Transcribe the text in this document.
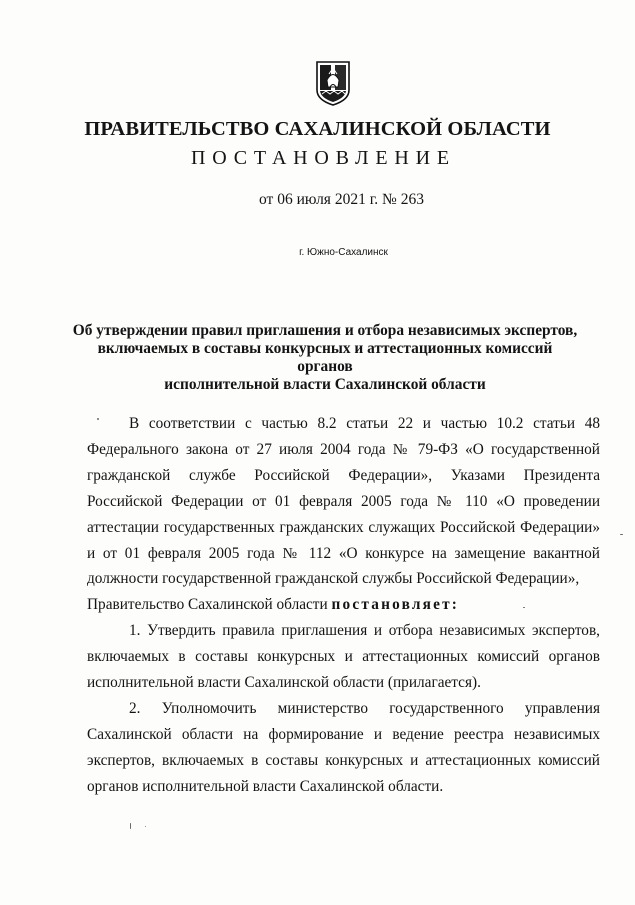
ПРАВИТЕЛЬСТВО САХАЛИНСКОЙ ОБЛАСТИ
ПОСТАНОВЛЕНИЕ
от 06 июля 2021 г. № 263
г. Южно-Сахалинск
Об утверждении правил приглашения и отбора независимых экспертов,
включаемых в составы конкурсных и аттестационных комиссий органов
исполнительной власти Сахалинской области

В соответствии с частью 8.2 статьи 22 и частью 10.2 статьи 48 Федерального закона от 27 июля 2004 года № 79-ФЗ «О государственной гражданской службе Российской Федерации», Указами Президента Российской Федерации от 01 февраля 2005 года № 110 «О проведении аттестации государственных гражданских служащих Российской Федерации» и от 01 февраля 2005 года № 112 «О конкурсе на замещение вакантной должности государственной гражданской службы Российской Федерации»,

Правительство Сахалинской области постановляет:

1. Утвердить правила приглашения и отбора независимых экспертов, включаемых в составы конкурсных и аттестационных комиссий органов исполнительной власти Сахалинской области (прилагается).

2. Уполномочить министерство государственного управления Сахалинской области на формирование и ведение реестра независимых экспертов, включаемых в составы конкурсных и аттестационных комиссий органов исполнительной власти Сахалинской области.
